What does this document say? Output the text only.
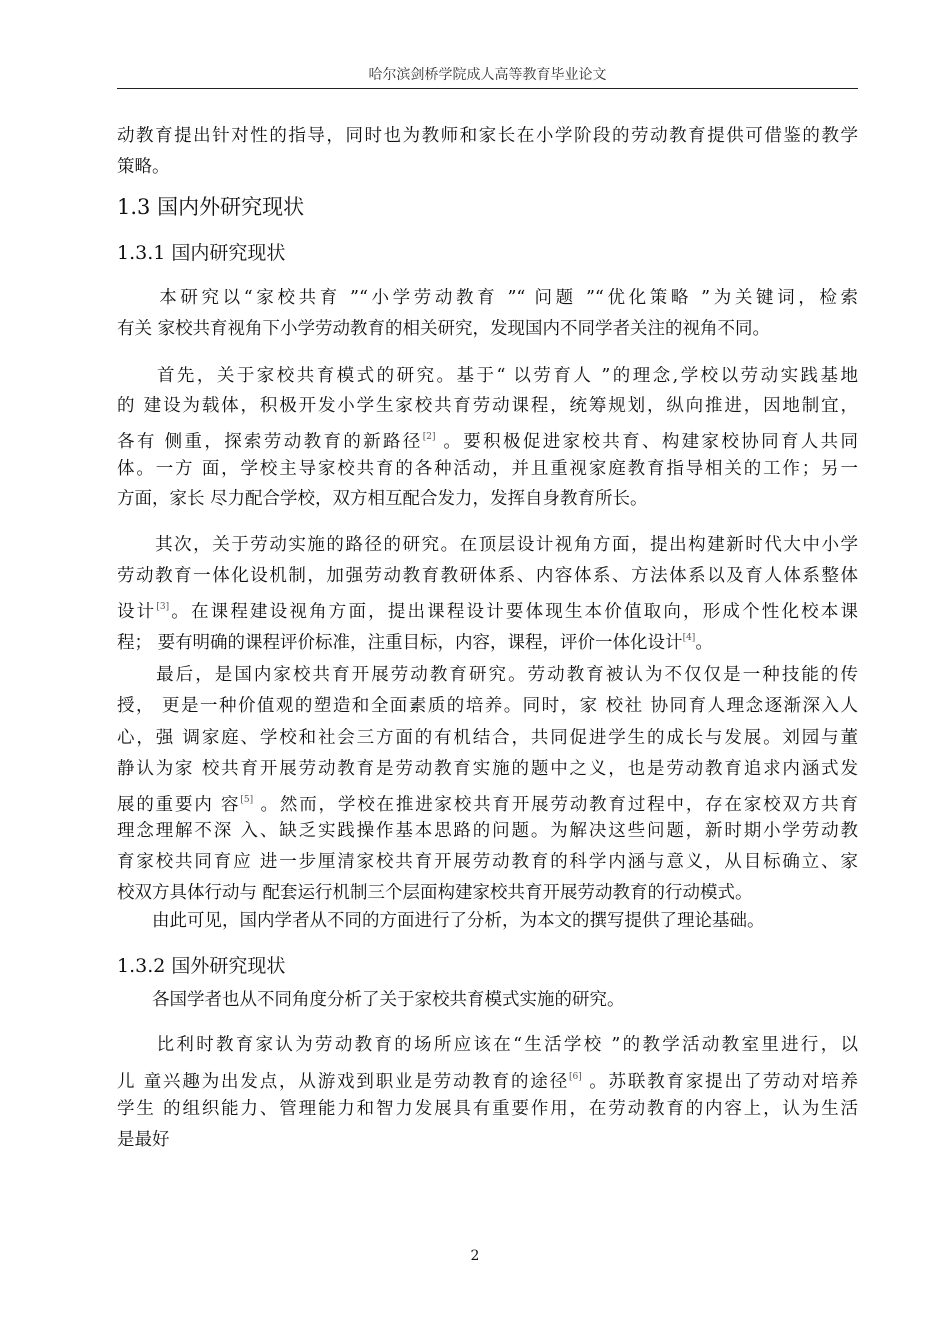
哈尔滨剑桥学院成人高等教育毕业论文
动教育提出针对性的指导，同时也为教师和家长在小学阶段的劳动教育提供可借鉴的教学
策略。
1.3 国内外研究现状
1.3.1 国内研究现状
　　本研究以“家校共育 ”“小学劳动教育 ”“ 问题 ”“优化策略 ”为关键词，检索
有关 家校共育视角下小学劳动教育的相关研究，发现国内不同学者关注的视角不同。
　　首先，关于家校共育模式的研究。基于“ 以劳育人 ”的理念,学校以劳动实践基地
的 建设为载体，积极开发小学生家校共育劳动课程，统筹规划，纵向推进，因地制宜，
各有 侧重，探索劳动教育的新路径[2] 。要积极促进家校共育、构建家校协同育人共同
体。一方 面，学校主导家校共育的各种活动，并且重视家庭教育指导相关的工作；另一
方面，家长 尽力配合学校，双方相互配合发力，发挥自身教育所长。
　　其次，关于劳动实施的路径的研究。在顶层设计视角方面，提出构建新时代大中小学
劳动教育一体化设机制，加强劳动教育教研体系、内容体系、方法体系以及育人体系整体
设计[3]。在课程建设视角方面，提出课程设计要体现生本价值取向，形成个性化校本课
程； 要有明确的课程评价标准，注重目标，内容，课程，评价一体化设计[4]。
　　最后，是国内家校共育开展劳动教育研究。劳动教育被认为不仅仅是一种技能的传
授， 更是一种价值观的塑造和全面素质的培养。同时，家 校社 协同育人理念逐渐深入人
心，强 调家庭、学校和社会三方面的有机结合，共同促进学生的成长与发展。刘园与董
静认为家 校共育开展劳动教育是劳动教育实施的题中之义，也是劳动教育追求内涵式发
展的重要内 容[5] 。然而，学校在推进家校共育开展劳动教育过程中，存在家校双方共育
理念理解不深 入、缺乏实践操作基本思路的问题。为解决这些问题，新时期小学劳动教
育家校共同育应 进一步厘清家校共育开展劳动教育的科学内涵与意义，从目标确立、家
校双方具体行动与 配套运行机制三个层面构建家校共育开展劳动教育的行动模式。
　　由此可见，国内学者从不同的方面进行了分析，为本文的撰写提供了理论基础。
1.3.2 国外研究现状
　　各国学者也从不同角度分析了关于家校共育模式实施的研究。
　　比利时教育家认为劳动教育的场所应该在“生活学校 ”的教学活动教室里进行，以
儿 童兴趣为出发点，从游戏到职业是劳动教育的途径[6] 。苏联教育家提出了劳动对培养
学生 的组织能力、管理能力和智力发展具有重要作用，在劳动教育的内容上，认为生活
是最好
2
